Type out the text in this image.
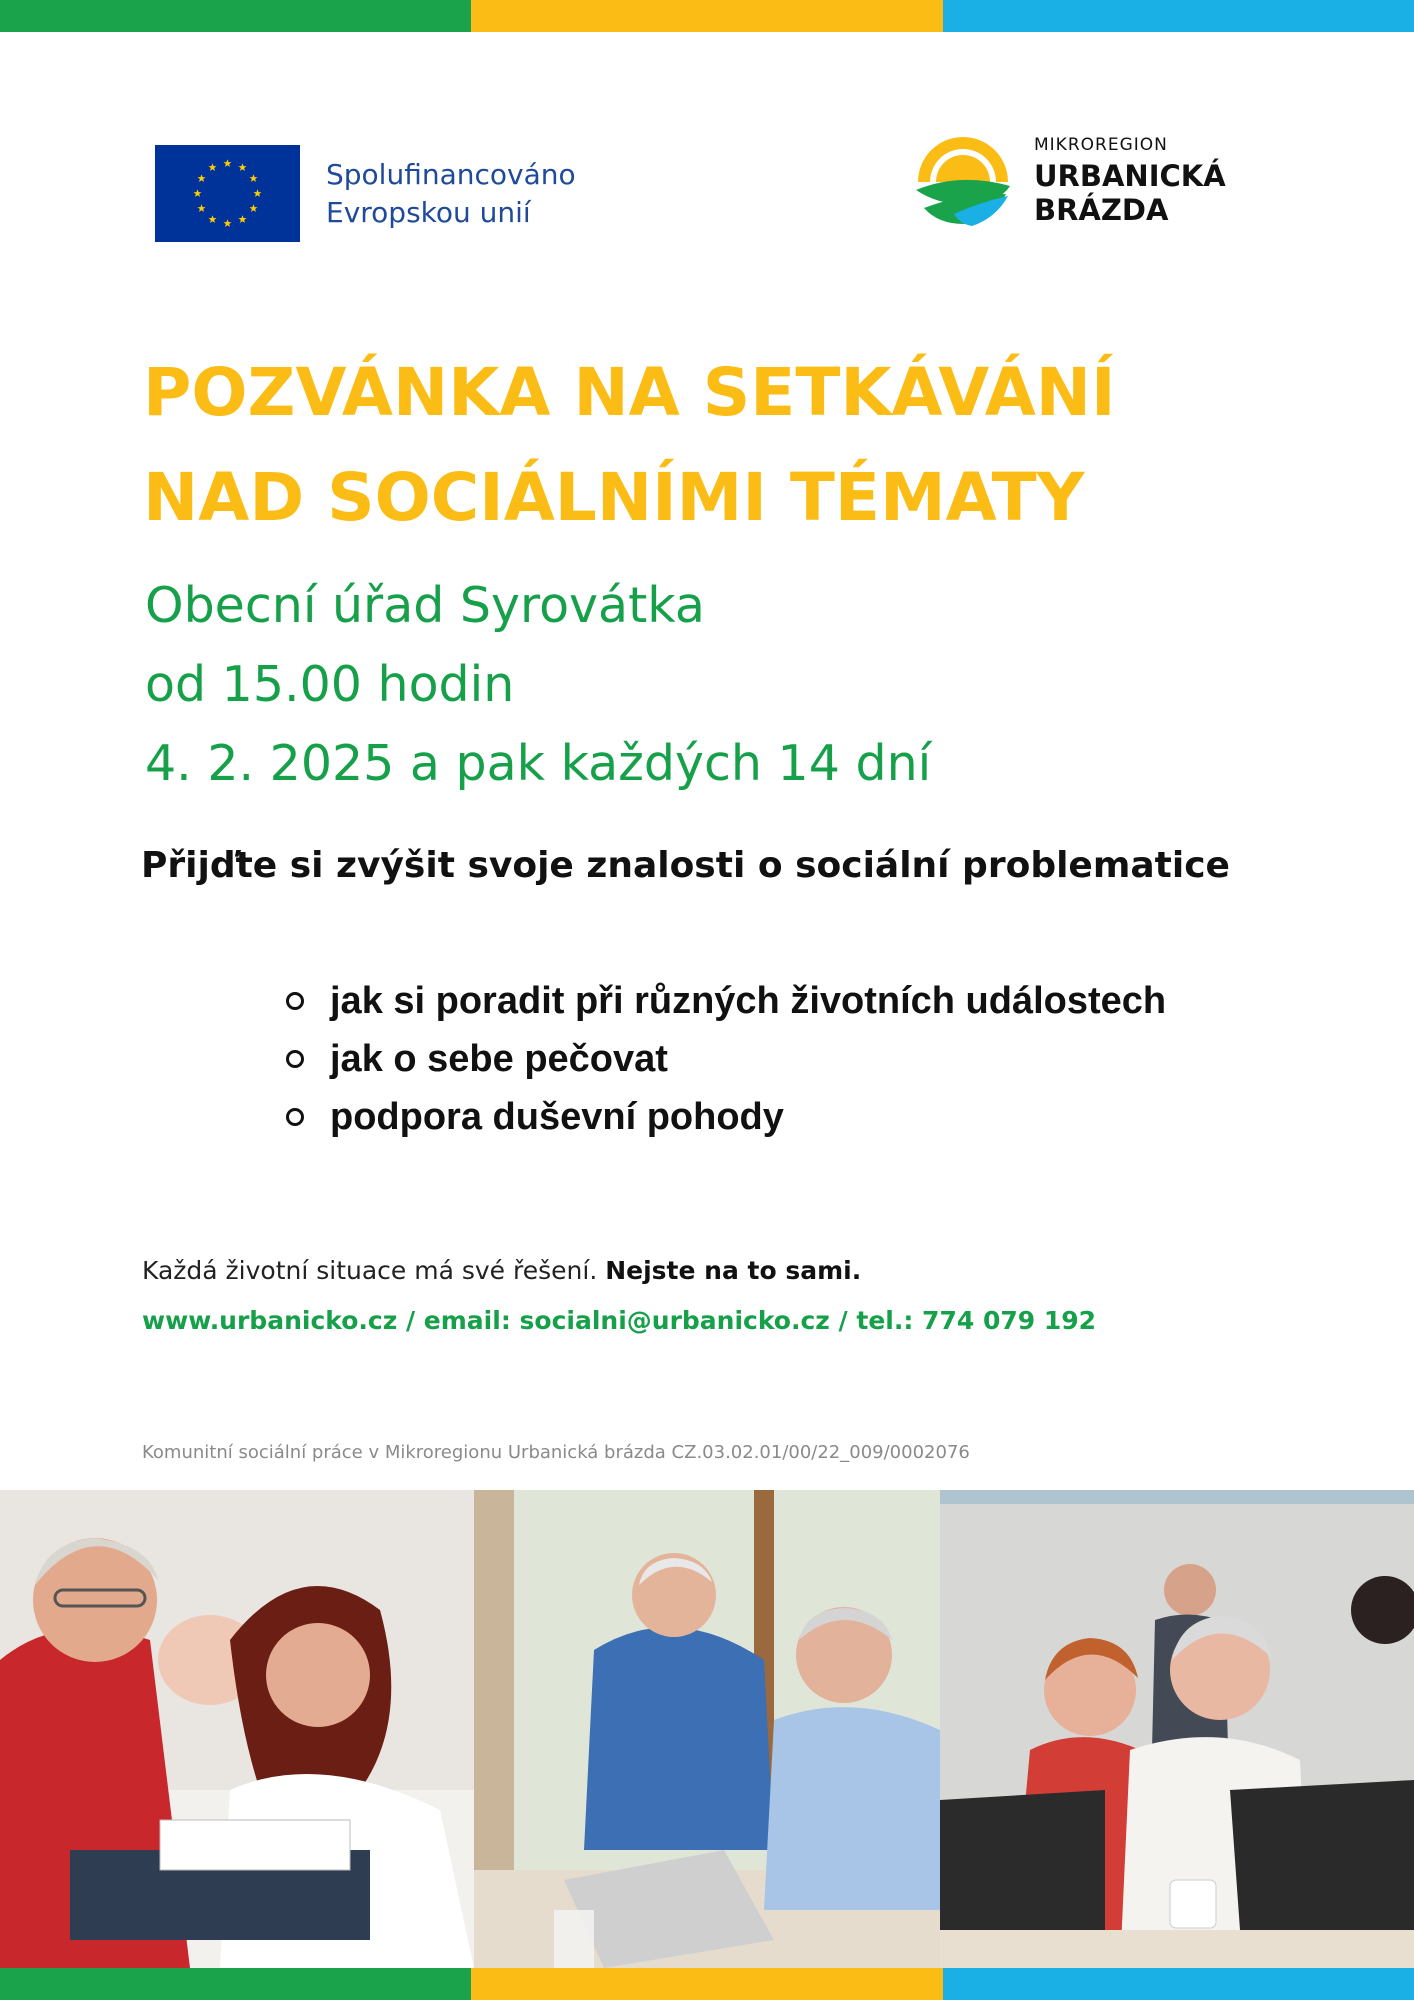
Spolufinancováno
Evropskou unií
MIKROREGION
URBANICKÁ
BRÁZDA
POZVÁNKA NA SETKÁVÁNÍ
NAD SOCIÁLNÍMI TÉMATY
Obecní úřad Syrovátka
od 15.00 hodin
4. 2. 2025 a pak každých 14 dní
Přijďte si zvýšit svoje znalosti o sociální problematice
jak si poradit při různých životních událostech
jak o sebe pečovat
podpora duševní pohody
Každá životní situace má své řešení. Nejste na to sami.
www.urbanicko.cz / email: socialni@urbanicko.cz / tel.: 774 079 192
Komunitní sociální práce v Mikroregionu Urbanická brázda CZ.03.02.01/00/22_009/0002076
